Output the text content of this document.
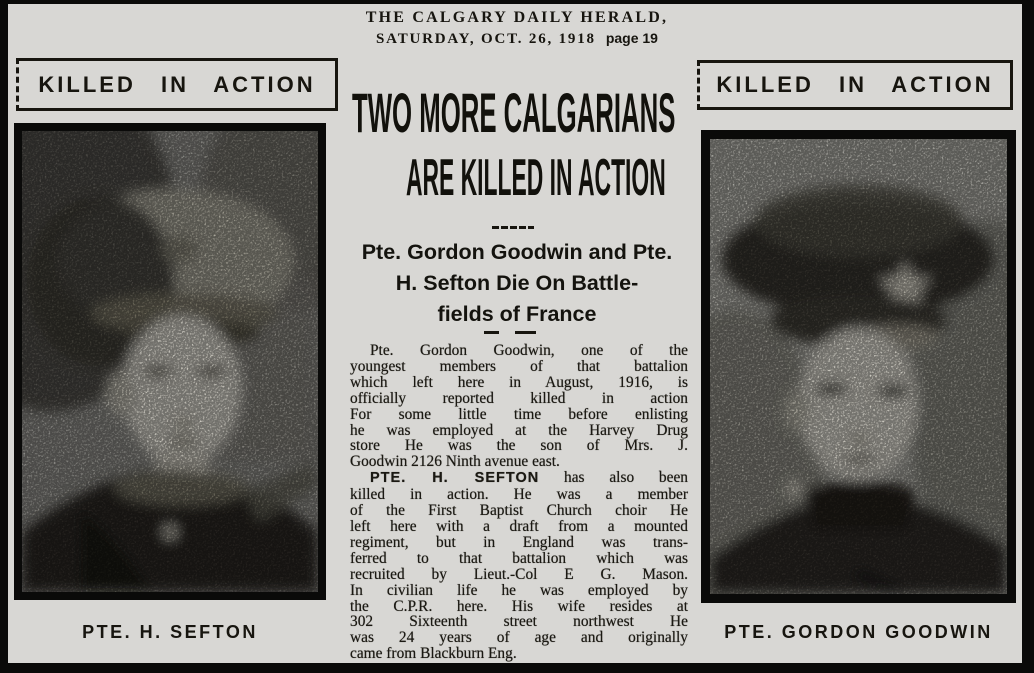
THE CALGARY DAILY HERALD,
SATURDAY, OCT. 26, 1918 page 19
KILLED IN ACTION	KILLED IN ACTION
PTE. H. SEFTON	PTE. GORDON GOODWIN
TWO MORE CALGARIANS
ARE KILLED IN ACTION
Pte. Gordon Goodwin and Pte.
H. Sefton Die On Battle-
fields of France
Pte. Gordon Goodwin, one of the
youngest members of that battalion
which left here in August, 1916, is
officially reported killed in action
For some little time before enlisting
he was employed at the Harvey Drug
store He was the son of Mrs. J.
Goodwin 2126 Ninth avenue east.
PTE. H. SEFTON has also been
killed in action. He was a member
of the First Baptist Church choir He
left here with a draft from a mounted
regiment, but in England was trans-
ferred to that battalion which was
recruited by Lieut.-Col E G. Mason.
In civilian life he was employed by
the C.P.R. here. His wife resides at
302 Sixteenth street northwest He
was 24 years of age and originally
came from Blackburn Eng.
